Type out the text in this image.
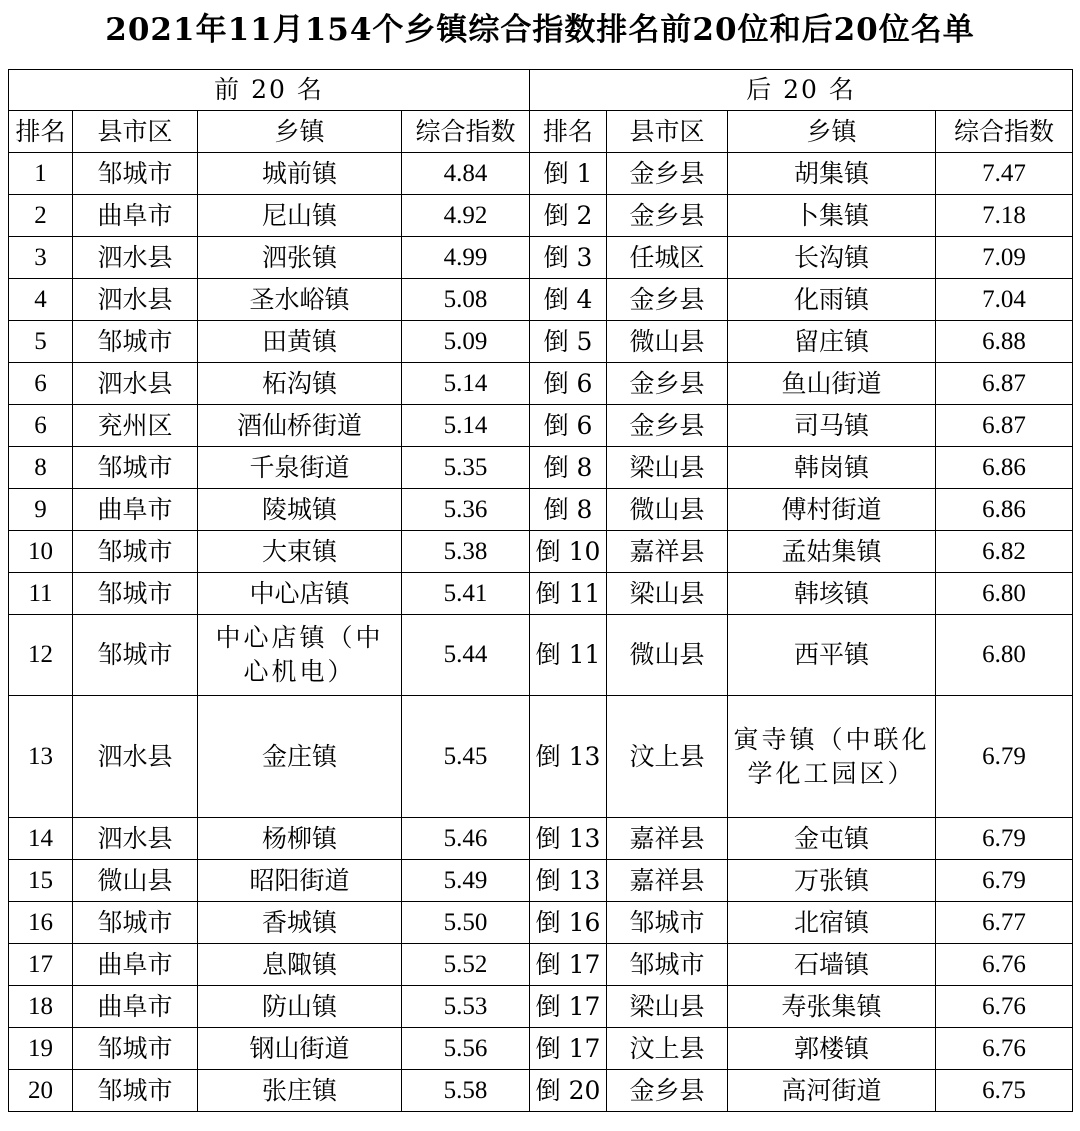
2021年11月154个乡镇综合指数排名前20位和后20位名单
前 20 名				后 20 名			
排名	县市区	乡镇	综合指数	排名	县市区	乡镇	综合指数
1	邹城市	城前镇	4.84	倒 1	金乡县	胡集镇	7.47
2	曲阜市	尼山镇	4.92	倒 2	金乡县	卜集镇	7.18
3	泗水县	泗张镇	4.99	倒 3	任城区	长沟镇	7.09
4	泗水县	圣水峪镇	5.08	倒 4	金乡县	化雨镇	7.04
5	邹城市	田黄镇	5.09	倒 5	微山县	留庄镇	6.88
6	泗水县	柘沟镇	5.14	倒 6	金乡县	鱼山街道	6.87
6	兖州区	酒仙桥街道	5.14	倒 6	金乡县	司马镇	6.87
8	邹城市	千泉街道	5.35	倒 8	梁山县	韩岗镇	6.86
9	曲阜市	陵城镇	5.36	倒 8	微山县	傅村街道	6.86
10	邹城市	大束镇	5.38	倒 10	嘉祥县	孟姑集镇	6.82
11	邹城市	中心店镇	5.41	倒 11	梁山县	韩垓镇	6.80
12	邹城市	中心店镇（中心机电）	5.44	倒 11	微山县	西平镇	6.80
13	泗水县	金庄镇	5.45	倒 13	汶上县	寅寺镇（中联化学化工园区）	6.79
14	泗水县	杨柳镇	5.46	倒 13	嘉祥县	金屯镇	6.79
15	微山县	昭阳街道	5.49	倒 13	嘉祥县	万张镇	6.79
16	邹城市	香城镇	5.50	倒 16	邹城市	北宿镇	6.77
17	曲阜市	息陬镇	5.52	倒 17	邹城市	石墙镇	6.76
18	曲阜市	防山镇	5.53	倒 17	梁山县	寿张集镇	6.76
19	邹城市	钢山街道	5.56	倒 17	汶上县	郭楼镇	6.76
20	邹城市	张庄镇	5.58	倒 20	金乡县	高河街道	6.75
